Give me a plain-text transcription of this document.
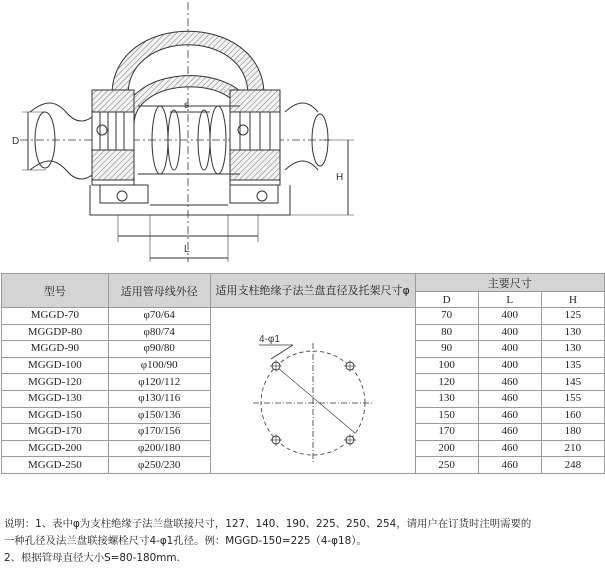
s
D
H
L
型号	适用管母线外径	适用支柱绝缘子法兰盘直径及托架尺寸φ	主要尺寸		
			D	L	H
MGGD-70	φ70/64	4-φ1	70	400	125
MGGDP-80	φ80/74		80	400	130
MGGD-90	φ90/80		90	400	130
MGGD-100	φ100/90		100	400	135
MGGD-120	φ120/112		120	460	145
MGGD-130	φ130/116		130	460	155
MGGD-150	φ150/136		150	460	160
MGGD-170	φ170/156		170	460	180
MGGD-200	φ200/180		200	460	210
MGGD-250	φ250/230		250	460	248
说明：1、表中φ为支柱绝缘子法兰盘联接尺寸，127、140、190、225、250、254，请用户在订货时注明需要的
一种孔径及法兰盘联接螺栓尺寸4-φ1孔径。例：MGGD-150=225（4-φ18）。
2、根据管母直径大小S=80-180mm.
